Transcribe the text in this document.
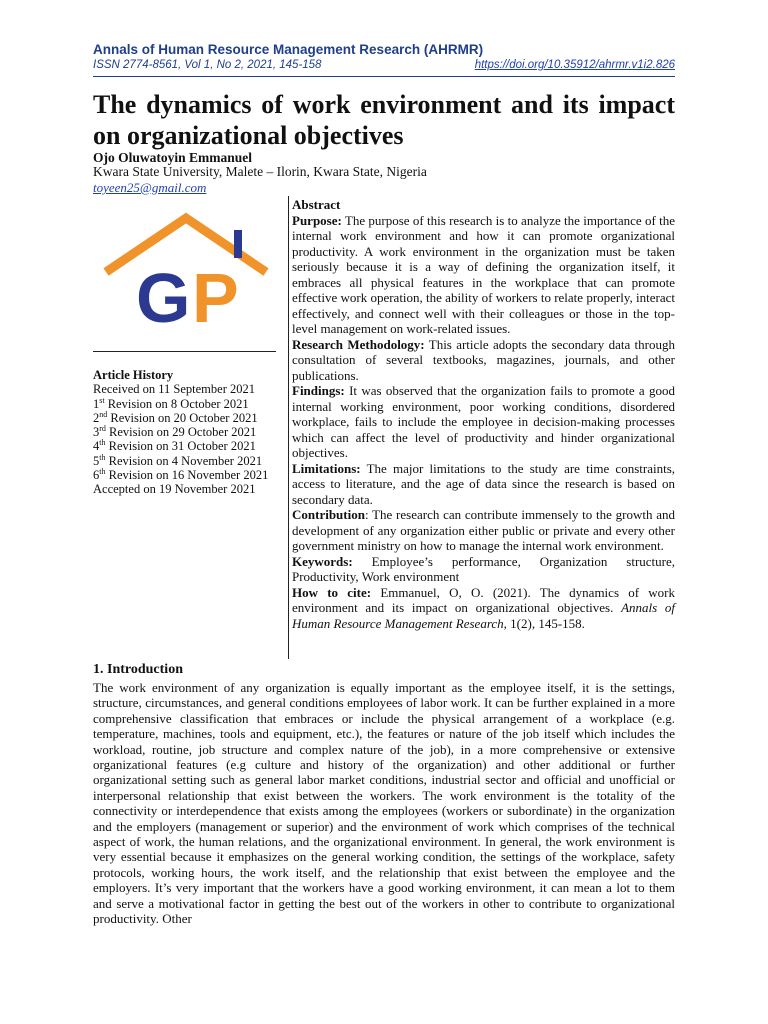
Annals of Human Resource Management Research (AHRMR)
ISSN 2774-8561, Vol 1, No 2, 2021, 145-158	https://doi.org/10.35912/ahrmr.v1i2.826
The dynamics of work environment and its impact on organizational objectives
Ojo Oluwatoyin Emmanuel
Kwara State University, Malete – Ilorin, Kwara State, Nigeria
toyeen25@gmail.com
G P
Article History
Received on 11 September 2021
1st Revision on 8 October 2021
2nd Revision on 20 October 2021
3rd Revision on 29 October 2021
4th Revision on 31 October 2021
5th Revision on 4 November 2021
6th Revision on 16 November 2021
Accepted on 19 November 2021
Abstract

Purpose: The purpose of this research is to analyze the importance of the internal work environment and how it can promote organizational productivity. A work environment in the organization must be taken seriously because it is a way of defining the organization itself, it embraces all physical features in the workplace that can promote effective work operation, the ability of workers to relate properly, interact effectively, and connect well with their colleagues or those in the top-level management on work-related issues.

Research Methodology: This article adopts the secondary data through consultation of several textbooks, magazines, journals, and other publications.

Findings: It was observed that the organization fails to promote a good internal working environment, poor working conditions, disordered workplace, fails to include the employee in decision-making processes which can affect the level of productivity and hinder organizational objectives.

Limitations: The major limitations to the study are time constraints, access to literature, and the age of data since the research is based on secondary data.

Contribution: The research can contribute immensely to the growth and development of any organization either public or private and every other government ministry on how to manage the internal work environment.

Keywords: Employee’s performance, Organization structure, Productivity, Work environment

How to cite: Emmanuel, O, O. (2021). The dynamics of work environment and its impact on organizational objectives. Annals of Human Resource Management Research, 1(2), 145-158.

1. Introduction

The work environment of any organization is equally important as the employee itself, it is the settings, structure, circumstances, and general conditions employees of labor work. It can be further explained in a more comprehensive classification that embraces or include the physical arrangement of a workplace (e.g. temperature, machines, tools and equipment, etc.), the features or nature of the job itself which includes the workload, routine, job structure and complex nature of the job), in a more comprehensive or extensive organizational features (e.g culture and history of the organization) and other additional or further organizational setting such as general labor market conditions, industrial sector and official and unofficial or interpersonal relationship that exist between the workers. The work environment is the totality of the connectivity or interdependence that exists among the employees (workers or subordinate) in the organization and the employers (management or superior) and the environment of work which comprises of the technical aspect of work, the human relations, and the organizational environment. In general, the work environment is very essential because it emphasizes on the general working condition, the settings of the workplace, safety protocols, working hours, the work itself, and the relationship that exist between the employee and the employers. It’s very important that the workers have a good working environment, it can mean a lot to them and serve a motivational factor in getting the best out of the workers in other to contribute to organizational productivity. Other
